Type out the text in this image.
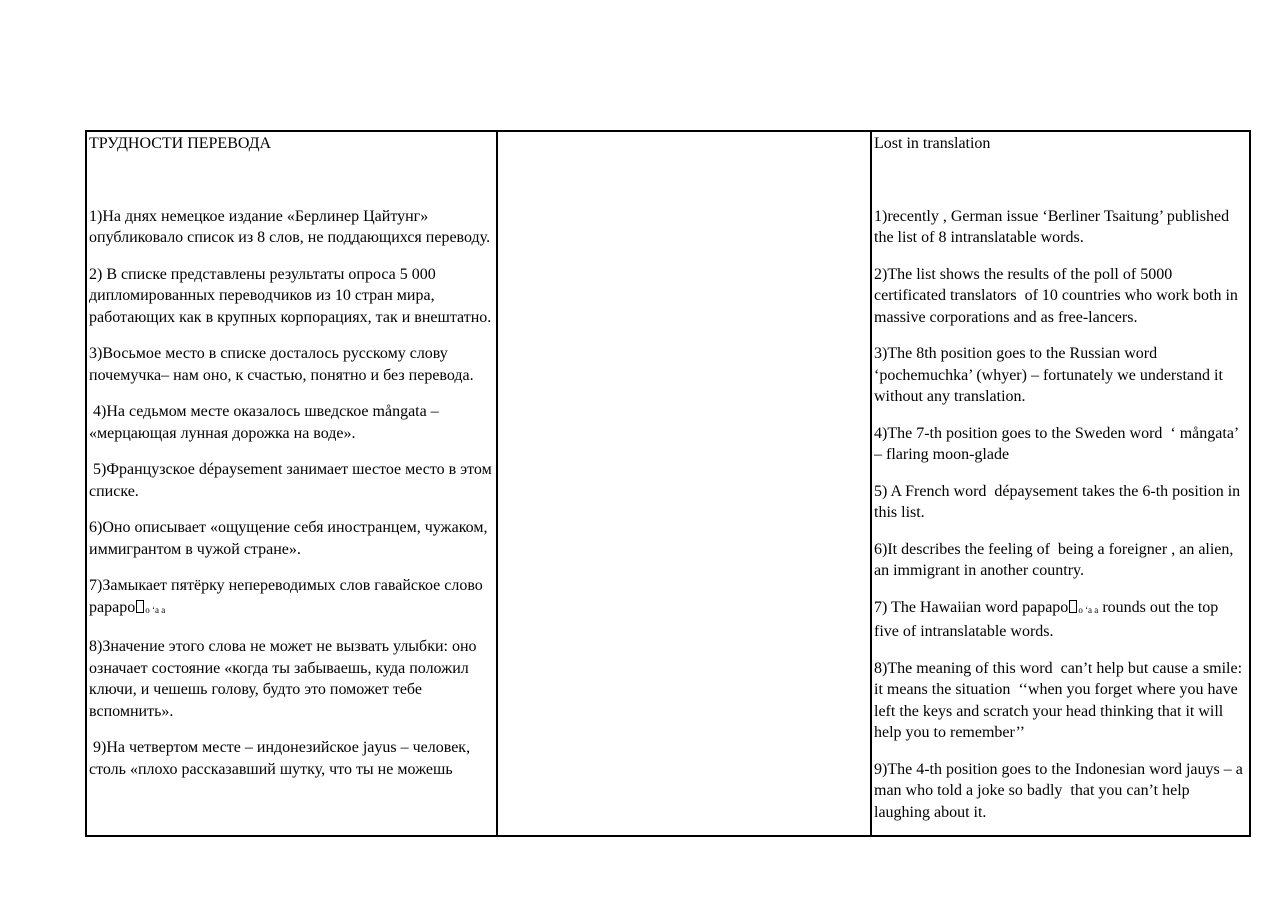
ТРУДНОСТИ ПЕРЕВОДА

1)На днях немецкое издание «Берлинер Цайтунг» опубликовало список из 8 слов, не поддающихся переводу.

2) В списке представлены результаты опроса 5 000 дипломированных переводчиков из 10 стран мира, работающих как в крупных корпорациях, так и внештатно.

3)Восьмое место в списке досталось русскому слову почемучка– нам оно, к счастью, понятно и без перевода.

4)На седьмом месте оказалось шведское mångata – «мерцающая лунная дорожка на воде».

5)Французское dépaysement занимает шестое место в этом списке.

6)Оно описывает «ощущение себя иностранцем, чужаком, иммигрантом в чужой стране».

7)Замыкает пятёрку непереводимых слов гавайское слово papapo o ʻa a

8)Значение этого слова не может не вызвать улыбки: оно означает состояние «когда ты забываешь, куда положил ключи, и чешешь голову, будто это поможет тебе вспомнить».

9)На четвертом месте – индонезийское jayus – человек, столь «плохо рассказавший шутку, что ты не можешь

Lost in translation

1)recently , German issue ‘Berliner Tsaitung’ published the list of 8 intranslatable words.

2)The list shows the results of the poll of 5000 certificated translators  of 10 countries who work both in massive corporations and as free-lancers.

3)The 8th position goes to the Russian word ‘pochemuchka’ (whyer) – fortunately we understand it without any translation.

4)The 7-th position goes to the Sweden word  ‘ mångata’ – flaring moon-glade

5) A French word  dépaysement takes the 6-th position in this list.

6)It describes the feeling of  being a foreigner , an alien, an immigrant in another country.

7) The Hawaiian word papapo o ʻa a rounds out the top five of intranslatable words.

8)The meaning of this word  can’t help but cause a smile: it means the situation  ‘‘when you forget where you have left the keys and scratch your head thinking that it will help you to remember’’

9)The 4-th position goes to the Indonesian word jauys – a man who told a joke so badly  that you can’t help laughing about it.
